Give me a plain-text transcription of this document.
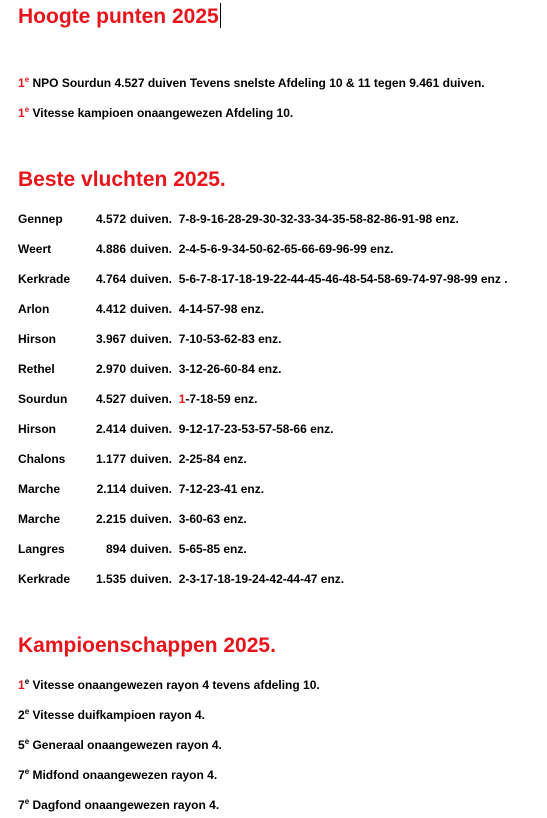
Hoogte punten 2025
1e NPO Sourdun 4.527 duiven Tevens snelste Afdeling 10 & 11 tegen 9.461 duiven.
1e Vitesse kampioen onaangewezen Afdeling 10.
Beste vluchten 2025.
Gennep	4.572 duiven. 7-8-9-16-28-29-30-32-33-34-35-58-82-86-91-98 enz.
Weert	4.886 duiven. 2-4-5-6-9-34-50-62-65-66-69-96-99 enz.
Kerkrade 4.764 duiven. 5-6-7-8-17-18-19-22-44-45-46-48-54-58-69-74-97-98-99 enz .
Arlon	4.412 duiven. 4-14-57-98 enz.
Hirson	3.967 duiven. 7-10-53-62-83 enz.
Rethel	2.970 duiven. 3-12-26-60-84 enz.
Sourdun 4.527 duiven. 1-7-18-59 enz.
Hirson	2.414 duiven. 9-12-17-23-53-57-58-66 enz.
Chalons	1.177 duiven. 2-25-84 enz.
Marche	2.114 duiven. 7-12-23-41 enz.
Marche	2.215 duiven. 3-60-63 enz.
Langres	894 duiven. 5-65-85 enz.
Kerkrade 1.535 duiven. 2-3-17-18-19-24-42-44-47 enz.
Kampioenschappen 2025.
1e Vitesse onaangewezen rayon 4 tevens afdeling 10.
2e Vitesse duifkampioen rayon 4.
5e Generaal onaangewezen rayon 4.
7e Midfond onaangewezen rayon 4.
7e Dagfond onaangewezen rayon 4.
